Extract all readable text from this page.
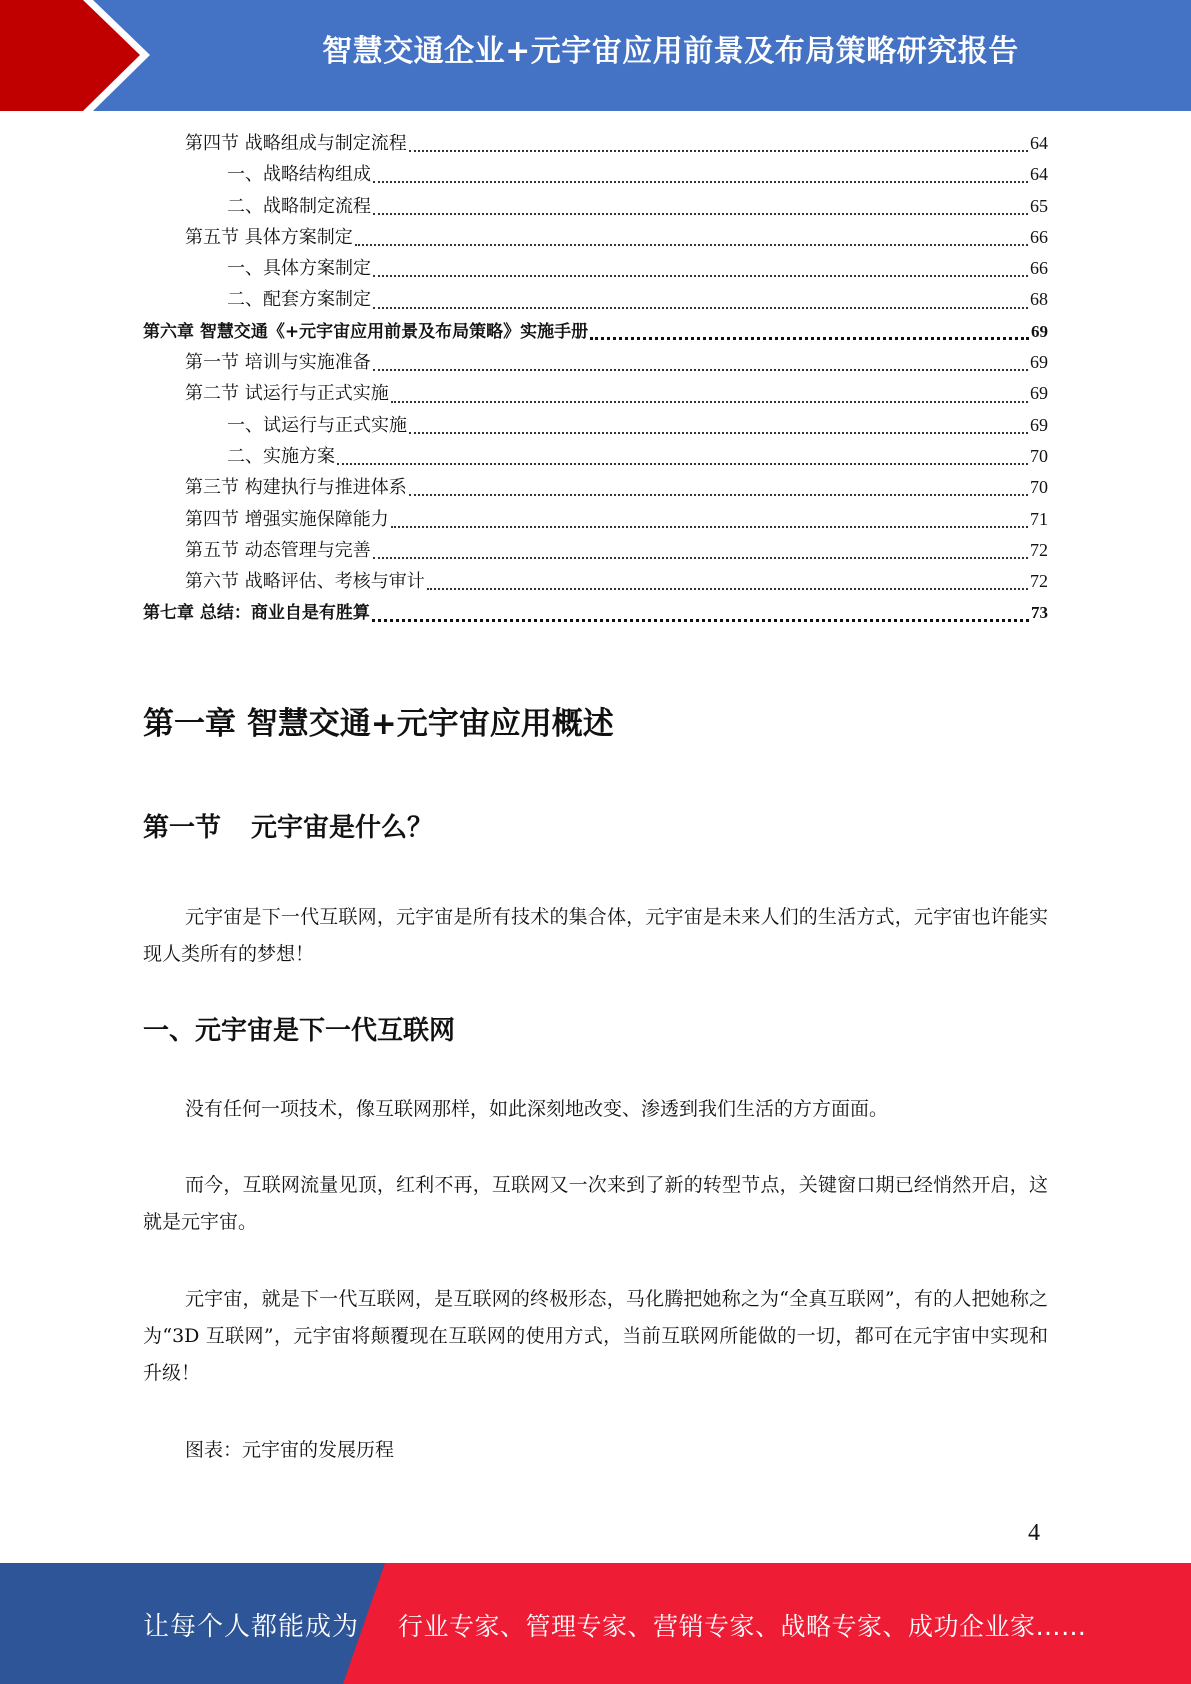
智慧交通企业+元宇宙应用前景及布局策略研究报告
第四节 战略组成与制定流程	64
一、战略结构组成	64
二、战略制定流程	65
第五节 具体方案制定	66
一、具体方案制定	66
二、配套方案制定	68
第六章 智慧交通《+元宇宙应用前景及布局策略》实施手册	69
第一节 培训与实施准备	69
第二节 试运行与正式实施	69
一、试运行与正式实施	69
二、实施方案	70
第三节 构建执行与推进体系	70
第四节 增强实施保障能力	71
第五节 动态管理与完善	72
第六节 战略评估、考核与审计	72
第七章 总结：商业自是有胜算	73
第一章 智慧交通+元宇宙应用概述
第一节 元宇宙是什么？

元宇宙是下一代互联网，元宇宙是所有技术的集合体，元宇宙是未来人们的生活方式，元宇宙也许能实现人类所有的梦想！

一、元宇宙是下一代互联网

没有任何一项技术，像互联网那样，如此深刻地改变、渗透到我们生活的方方面面。

而今，互联网流量见顶，红利不再，互联网又一次来到了新的转型节点，关键窗口期已经悄然开启，这就是元宇宙。

元宇宙，就是下一代互联网，是互联网的终极形态，马化腾把她称之为“全真互联网”，有的人把她称之为“3D 互联网”，元宇宙将颠覆现在互联网的使用方式，当前互联网所能做的一切，都可在元宇宙中实现和升级！

图表：元宇宙的发展历程

4
让每个人都能成为 行业专家、管理专家、营销专家、战略专家、成功企业家……
